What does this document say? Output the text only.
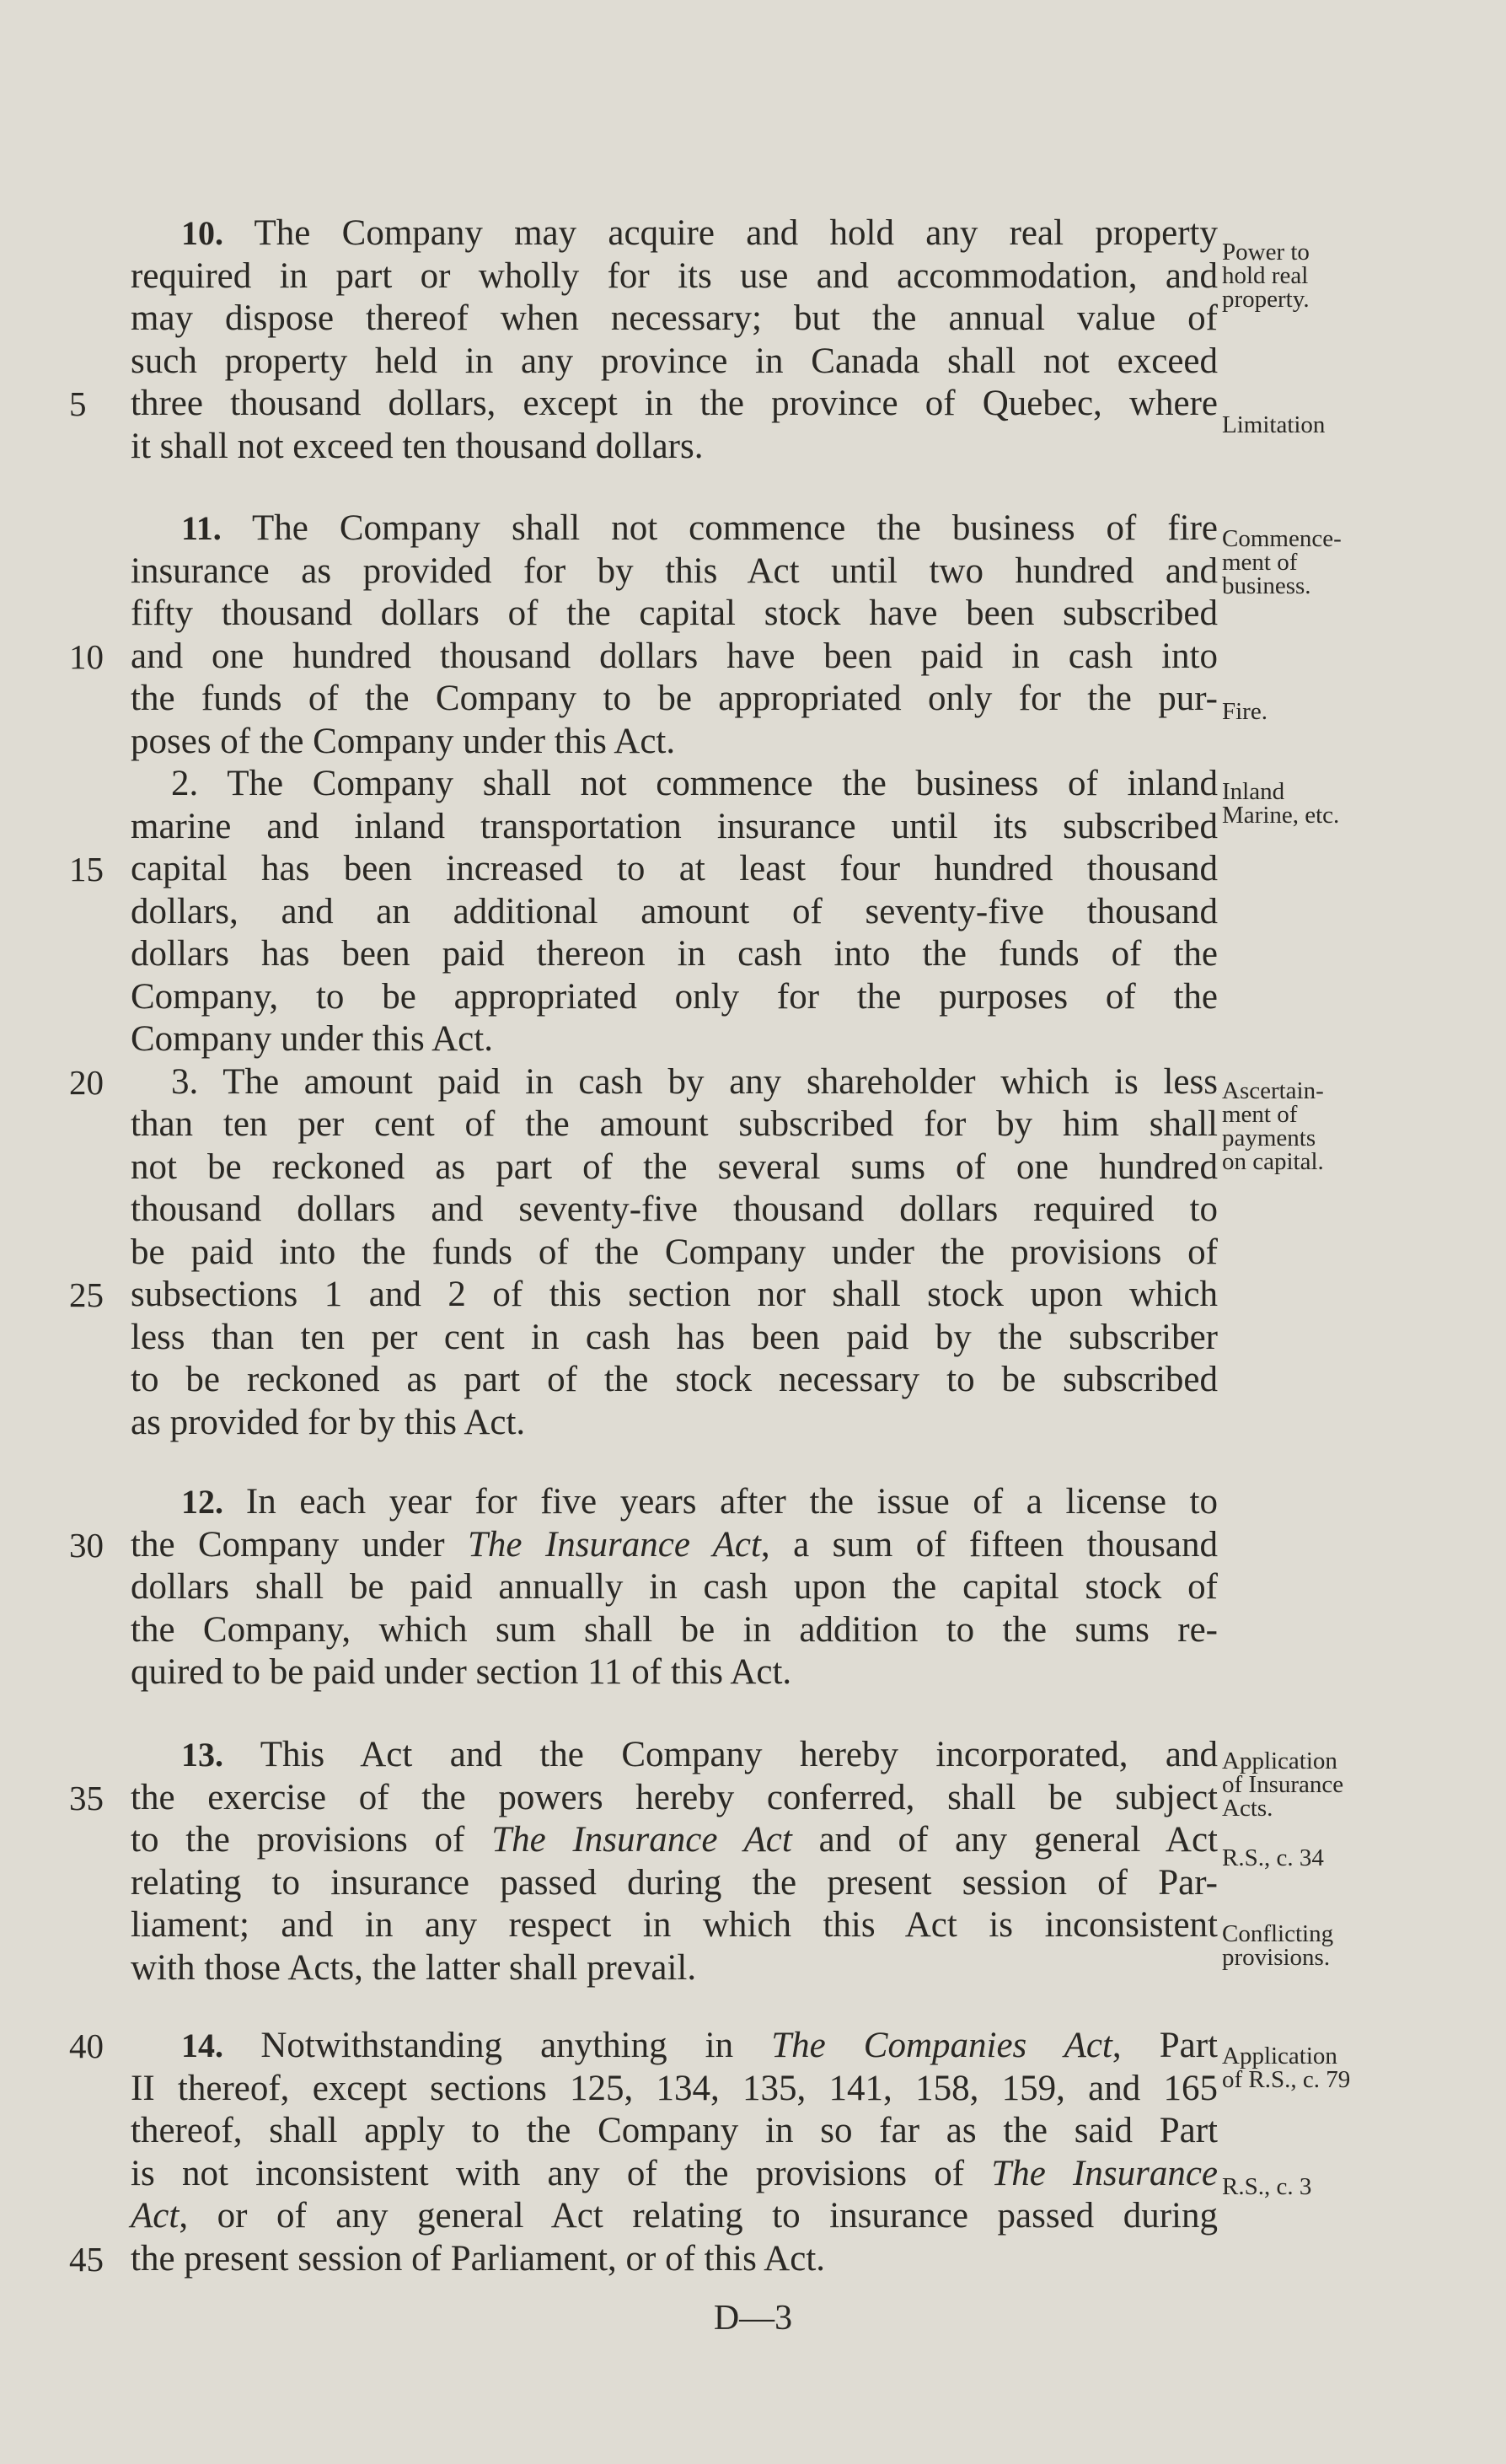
10. The Company may acquire and hold any real property
required in part or wholly for its use and accommodation, and
may dispose thereof when necessary; but the annual value of
such property held in any province in Canada shall not exceed
three thousand dollars, except in the province of Quebec, where
5
it shall not exceed ten thousand dollars.
11. The Company shall not commence the business of fire
insurance as provided for by this Act until two hundred and
fifty thousand dollars of the capital stock have been subscribed
and one hundred thousand dollars have been paid in cash into
10
the funds of the Company to be appropriated only for the pur-
poses of the Company under this Act.
2. The Company shall not commence the business of inland
marine and inland transportation insurance until its subscribed
capital has been increased to at least four hundred thousand
15
dollars, and an additional amount of seventy-five thousand
dollars has been paid thereon in cash into the funds of the
Company, to be appropriated only for the purposes of the
Company under this Act.
3. The amount paid in cash by any shareholder which is less
20
than ten per cent of the amount subscribed for by him shall
not be reckoned as part of the several sums of one hundred
thousand dollars and seventy-five thousand dollars required to
be paid into the funds of the Company under the provisions of
subsections 1 and 2 of this section nor shall stock upon which
25
less than ten per cent in cash has been paid by the subscriber
to be reckoned as part of the stock necessary to be subscribed
as provided for by this Act.
12. In each year for five years after the issue of a license to
the Company under The Insurance Act, a sum of fifteen thousand
30
dollars shall be paid annually in cash upon the capital stock of
the Company, which sum shall be in addition to the sums re-
quired to be paid under section 11 of this Act.
13. This Act and the Company hereby incorporated, and
the exercise of the powers hereby conferred, shall be subject
35
to the provisions of The Insurance Act and of any general Act
relating to insurance passed during the present session of Par-
liament; and in any respect in which this Act is inconsistent
with those Acts, the latter shall prevail.
14. Notwithstanding anything in The Companies Act, Part
40
II thereof, except sections 125, 134, 135, 141, 158, 159, and 165
thereof, shall apply to the Company in so far as the said Part
is not inconsistent with any of the provisions of The Insurance
Act, or of any general Act relating to insurance passed during
the present session of Parliament, or of this Act.
45
Power to
hold real
property.
Limitation
Commence-
ment of
business.
Fire.
Inland
Marine, etc.
Ascertain-
ment of
payments
on capital.
Application
of Insurance
Acts.
R.S., c. 34
Conflicting
provisions.
Application
of R.S., c. 79
R.S., c. 3
D—3
